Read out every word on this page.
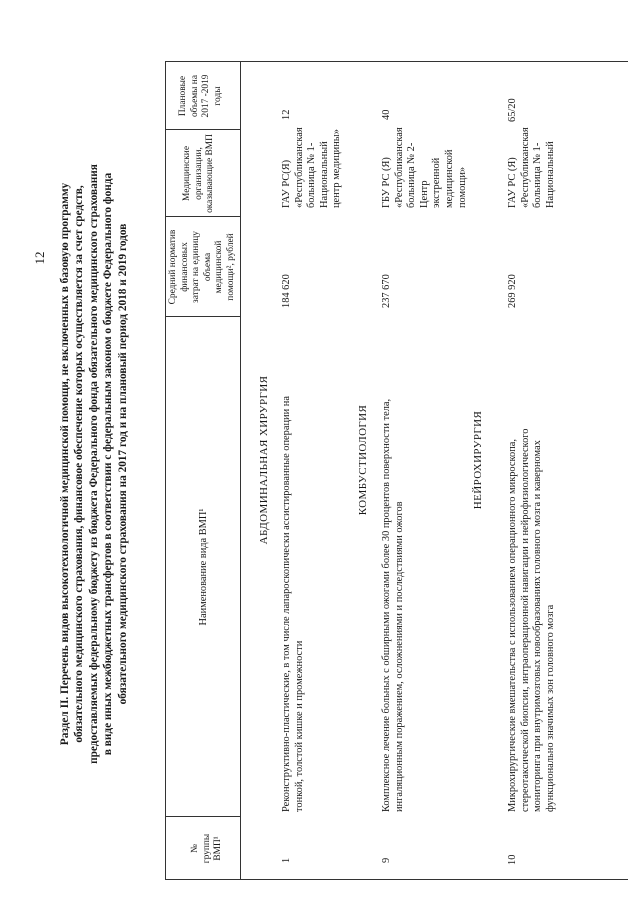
12 Раздел II. Перечень видов высокотехнологичной медицинской помощи, не включенных в базовую программу обязательного медицинского страхования, финансовое обеспечение которых осуществляется за счет средств, предоставляемых федеральному бюджету из бюджета Федерального фонда обязательного медицинского страхования в виде иных межбюджетных трансфертов в соответствии с федеральным законом о бюджете Федерального фонда обязательного медицинского страхования на 2017 год и на плановый период 2018 и 2019 годов
№ группы ВМП¹
Наименование вида ВМП¹
Средний норматив финансовых затрат на единицу объема медицинской помощи², рублей
Медицинские организации, оказывающие ВМП
Плановые объемы на 2017 -2019 годы
АБДОМИНАЛЬНАЯ ХИРУРГИЯ
1
Реконструктивно-пластические, в том числе лапароскопически ассистированные операции на тонкой, толстой кишке и промежности
184 620
ГАУ РС(Я) «Республиканская больница № 1- Национальный центр медицины»
12
КОМБУСТИОЛОГИЯ
9
Комплексное лечение больных с обширными ожогами более 30 процентов поверхности тела, ингаляционным поражением, осложнениями и последствиями ожогов
237 670
ГБУ РС (Я) «Республиканская больница № 2- Центр экстренной медицинской помощи»
40
НЕЙРОХИРУРГИЯ
10
Микрохирургические вмешательства с использованием операционного микроскопа, стереотаксической биопсии, интраоперационной навигации и нейрофизиологического мониторинга при внутримозговых новообразованиях головного мозга и каверномах функционально значимых зон головного мозга
269 920
ГАУ РС (Я) «Республиканская больница № 1- Национальный
65/20
